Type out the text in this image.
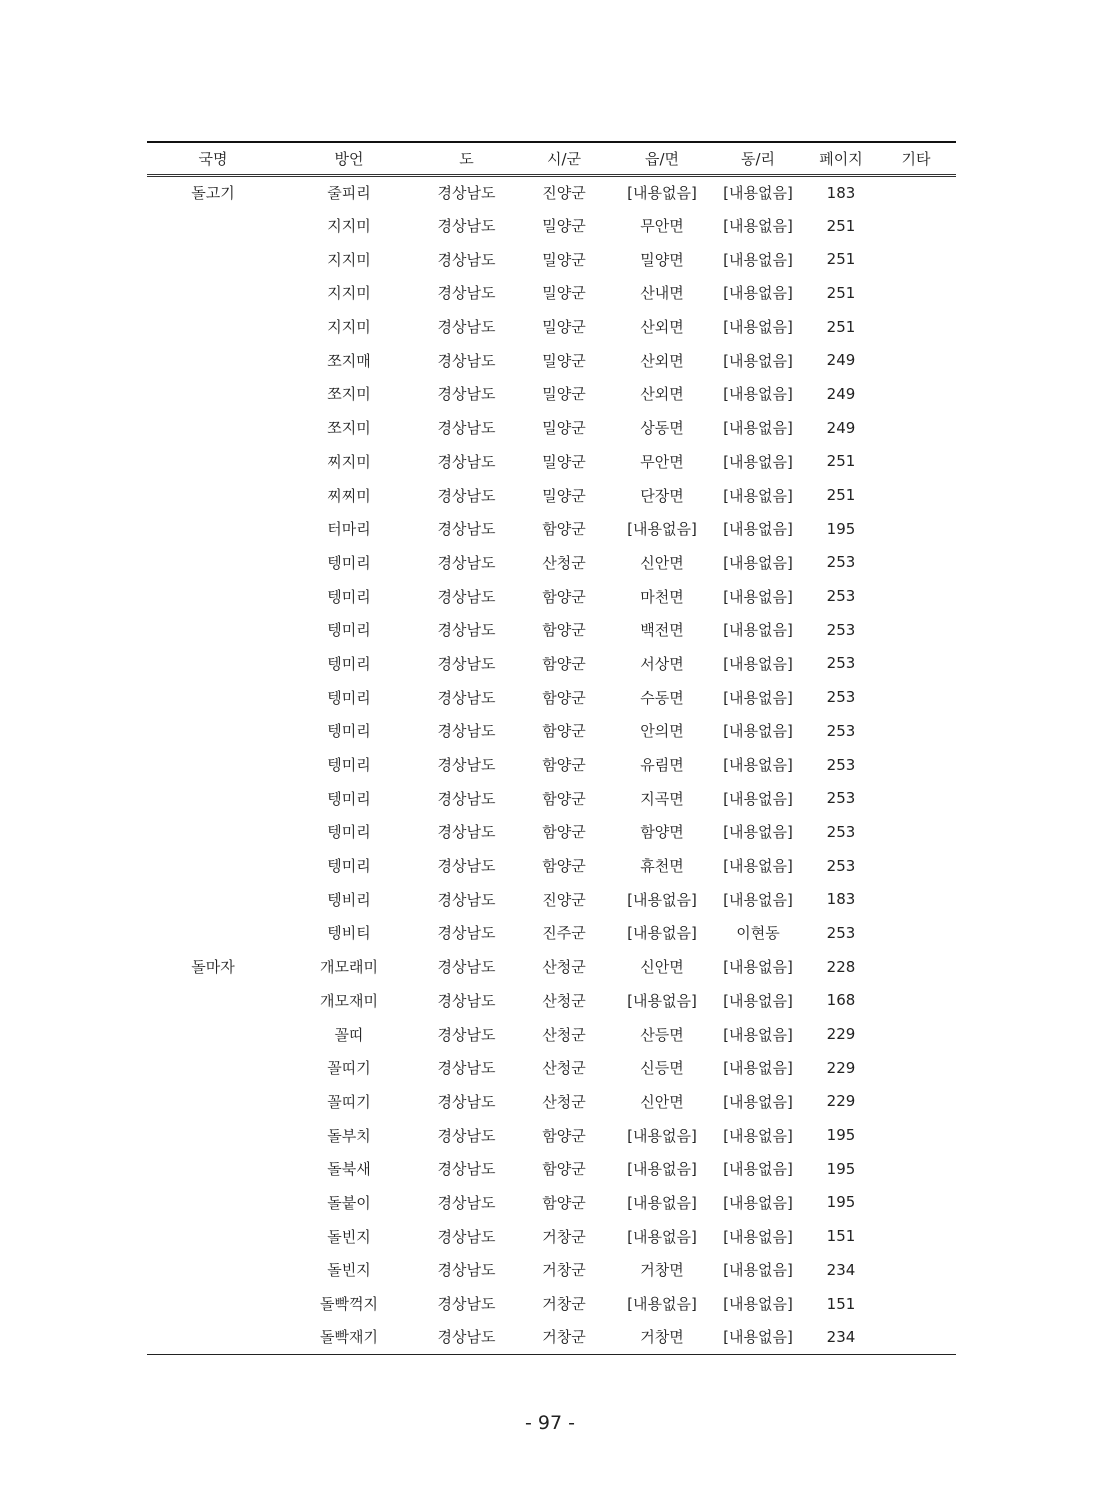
국명	방언	도	시/군	읍/면	동/리	페이지	기타
돌고기	줄피리	경상남도	진양군	[내용없음]	[내용없음]	183	
	지지미	경상남도	밀양군	무안면	[내용없음]	251	
	지지미	경상남도	밀양군	밀양면	[내용없음]	251	
	지지미	경상남도	밀양군	산내면	[내용없음]	251	
	지지미	경상남도	밀양군	산외면	[내용없음]	251	
	쪼지매	경상남도	밀양군	산외면	[내용없음]	249	
	쪼지미	경상남도	밀양군	산외면	[내용없음]	249	
	쪼지미	경상남도	밀양군	상동면	[내용없음]	249	
	찌지미	경상남도	밀양군	무안면	[내용없음]	251	
	찌찌미	경상남도	밀양군	단장면	[내용없음]	251	
	터마리	경상남도	함양군	[내용없음]	[내용없음]	195	
	텡미리	경상남도	산청군	신안면	[내용없음]	253	
	텡미리	경상남도	함양군	마천면	[내용없음]	253	
	텡미리	경상남도	함양군	백전면	[내용없음]	253	
	텡미리	경상남도	함양군	서상면	[내용없음]	253	
	텡미리	경상남도	함양군	수동면	[내용없음]	253	
	텡미리	경상남도	함양군	안의면	[내용없음]	253	
	텡미리	경상남도	함양군	유림면	[내용없음]	253	
	텡미리	경상남도	함양군	지곡면	[내용없음]	253	
	텡미리	경상남도	함양군	함양면	[내용없음]	253	
	텡미리	경상남도	함양군	휴천면	[내용없음]	253	
	텡비리	경상남도	진양군	[내용없음]	[내용없음]	183	
	텡비티	경상남도	진주군	[내용없음]	이현동	253	
돌마자	개모래미	경상남도	산청군	신안면	[내용없음]	228	
	개모재미	경상남도	산청군	[내용없음]	[내용없음]	168	
	꼴띠	경상남도	산청군	산등면	[내용없음]	229	
	꼴띠기	경상남도	산청군	신등면	[내용없음]	229	
	꼴띠기	경상남도	산청군	신안면	[내용없음]	229	
	돌부치	경상남도	함양군	[내용없음]	[내용없음]	195	
	돌북새	경상남도	함양군	[내용없음]	[내용없음]	195	
	돌붙이	경상남도	함양군	[내용없음]	[내용없음]	195	
	돌빈지	경상남도	거창군	[내용없음]	[내용없음]	151	
	돌빈지	경상남도	거창군	거창면	[내용없음]	234	
	돌빡꺽지	경상남도	거창군	[내용없음]	[내용없음]	151	
	돌빡재기	경상남도	거창군	거창면	[내용없음]	234	
- 97 -
